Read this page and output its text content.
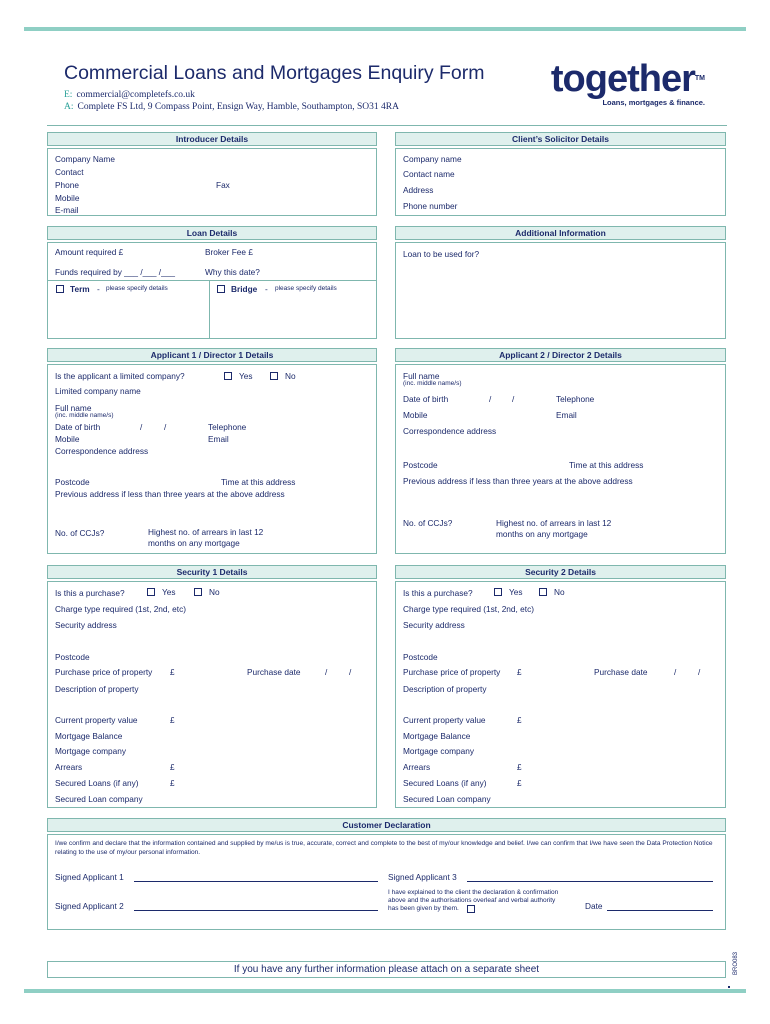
Commercial Loans and Mortgages Enquiry Form
E: commercial@completefs.co.uk
A: Complete FS Ltd, 9 Compass Point, Ensign Way, Hamble, Southampton, SO31 4RA
together™
Loans, mortgages & finance.
Introducer Details
Company Name
Contact
Phone	Fax
Mobile
E-mail
Client’s Solicitor Details
Company name
Contact name
Address
Phone number
Loan Details
Amount required £	Broker Fee £
Funds required by ___ /___ /___	Why this date?
Term - please specify details	Bridge - please specify details
Additional Information
Loan to be used for?
Applicant 1 / Director 1 Details
Is the applicant a limited company?	Yes	No
Limited company name
Full name
(inc. middle name/s)
Date of birth	/	/	Telephone
Mobile	Email
Correspondence address
Postcode	Time at this address
Previous address if less than three years at the above address
No. of CCJs?	Highest no. of arrears in last 12
months on any mortgage
Applicant 2 / Director 2 Details
Full name
(inc. middle name/s)
Date of birth	/ /	Telephone
Mobile	Email
Correspondence address
Postcode	Time at this address
Previous address if less than three years at the above address
No. of CCJs?	Highest no. of arrears in last 12
months on any mortgage
Security 1 Details
Is this a purchase?	Yes	No
Charge type required (1st, 2nd, etc)
Security address
Postcode
Purchase price of property £	Purchase date	/	/
Description of property
Current property value	£
Mortgage Balance
Mortgage company
Arrears	£
Secured Loans (if any)	£
Secured Loan company
Security 2 Details
Is this a purchase?	Yes	No
Charge type required (1st, 2nd, etc)
Security address
Postcode
Purchase price of property £	Purchase date	/	/
Description of property
Current property value	£
Mortgage Balance
Mortgage company
Arrears	£
Secured Loans (if any)	£
Secured Loan company
Customer Declaration
I/we confirm and declare that the information contained and supplied by me/us is true, accurate, correct and complete to the best of my/our knowledge and belief. I/we can confirm that I/we have seen the Data Protection Notice relating to the use of my/our personal information.
Signed Applicant 1
Signed Applicant 2
Signed Applicant 3
I have explained to the client the declaration & confirmation
above and the authorisations overleaf and verbal authority
has been given by them.	Date
If you have any further information please attach on a separate sheet	BRO083
